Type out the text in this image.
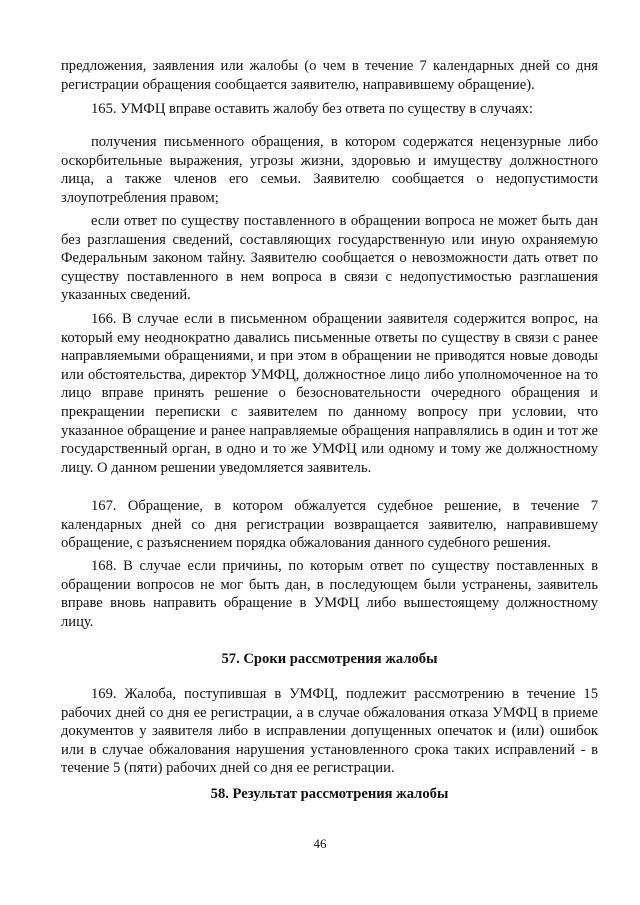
предложения, заявления или жалобы (о чем в течение 7 календарных дней со дня регистрации обращения сообщается заявителю, направившему обращение).

165. УМФЦ вправе оставить жалобу без ответа по существу в случаях:

получения письменного обращения, в котором содержатся нецензурные либо оскорбительные выражения, угрозы жизни, здоровью и имуществу должностного лица, а также членов его семьи. Заявителю сообщается о недопустимости злоупотребления правом;

если ответ по существу поставленного в обращении вопроса не может быть дан без разглашения сведений, составляющих государственную или иную охраняемую Федеральным законом тайну. Заявителю сообщается о невозможности дать ответ по существу поставленного в нем вопроса в связи с недопустимостью разглашения указанных сведений.

166. В случае если в письменном обращении заявителя содержится вопрос, на который ему неоднократно давались письменные ответы по существу в связи с ранее направляемыми обращениями, и при этом в обращении не приводятся новые доводы или обстоятельства, директор УМФЦ, должностное лицо либо уполномоченное на то лицо вправе принять решение о безосновательности очередного обращения и прекращении переписки с заявителем по данному вопросу при условии, что указанное обращение и ранее направляемые обращения направлялись в один и тот же государственный орган, в одно и то же УМФЦ или одному и тому же должностному лицу. О данном решении уведомляется заявитель.

167. Обращение, в котором обжалуется судебное решение, в течение 7 календарных дней со дня регистрации возвращается заявителю, направившему обращение, с разъяснением порядка обжалования данного судебного решения.

168. В случае если причины, по которым ответ по существу поставленных в обращении вопросов не мог быть дан, в последующем были устранены, заявитель вправе вновь направить обращение в УМФЦ либо вышестоящему должностному лицу.

57. Сроки рассмотрения жалобы

169. Жалоба, поступившая в УМФЦ, подлежит рассмотрению в течение 15 рабочих дней со дня ее регистрации, а в случае обжалования отказа УМФЦ в приеме документов у заявителя либо в исправлении допущенных опечаток и (или) ошибок или в случае обжалования нарушения установленного срока таких исправлений - в течение 5 (пяти) рабочих дней со дня ее регистрации.

58. Результат рассмотрения жалобы

46
